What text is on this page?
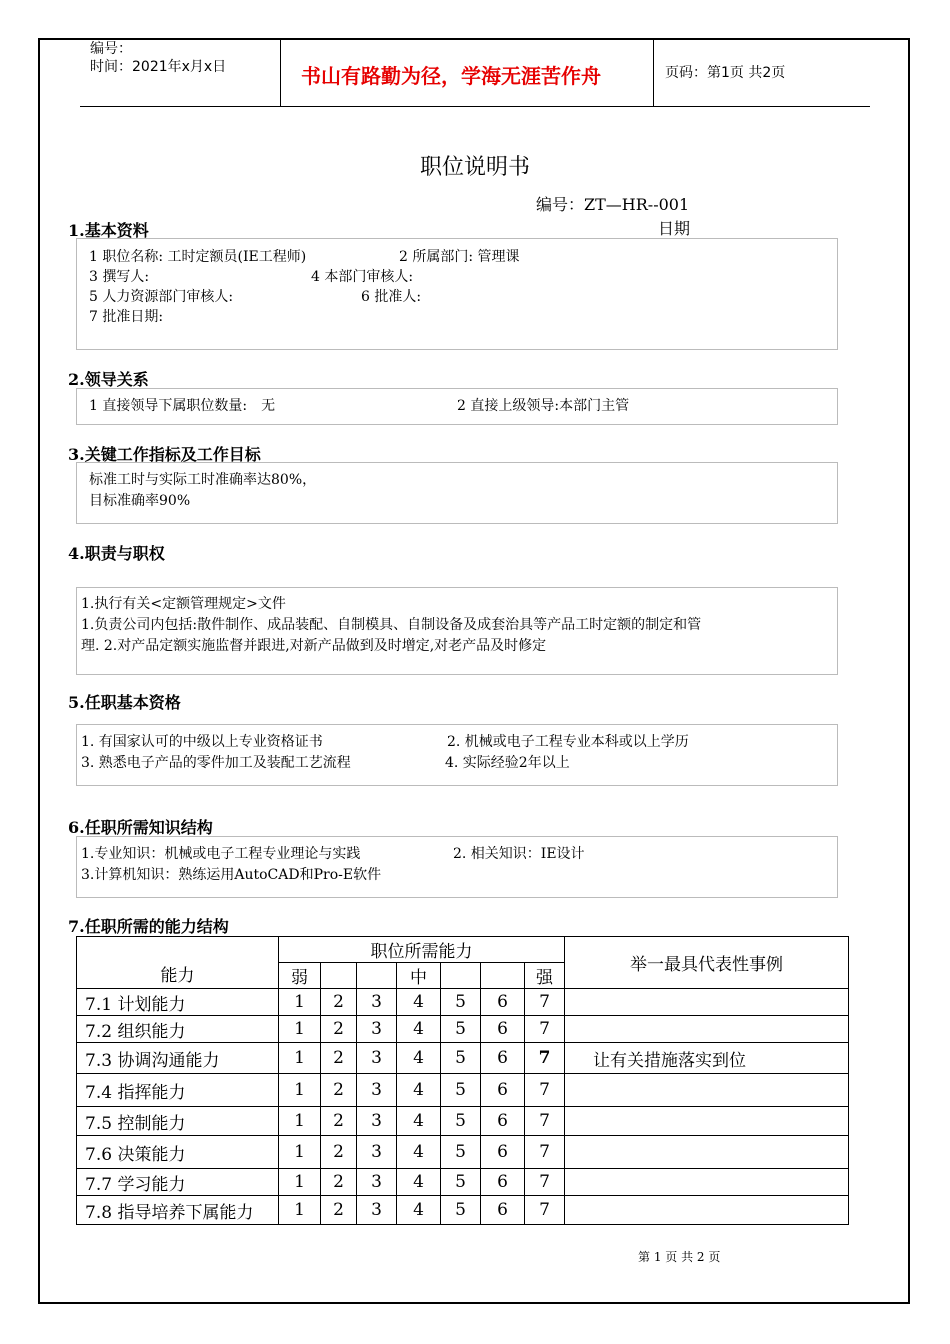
编号：
时间：2021年x月x日	书山有路勤为径，学海无涯苦作舟	页码：第1页 共2页
职位说明书
编号：ZT—HR--001
日期
1.基本资料
1 职位名称: 工时定额员(IE工程师)	2 所属部门: 管理课
3 撰写人:	4 本部门审核人:
5 人力资源部门审核人:	6 批准人:
7 批准日期:
2.领导关系
1 直接领导下属职位数量:　无	2 直接上级领导:本部门主管
3.关键工作指标及工作目标
标准工时与实际工时准确率达80%，
目标准确率90%
4.职责与职权
1.执行有关<定额管理规定>文件
1.负责公司内包括:散件制作、成品装配、自制模具、自制设备及成套治具等产品工时定额的制定和管
理. 2.对产品定额实施监督并跟进,对新产品做到及时增定,对老产品及时修定
5.任职基本资格
1. 有国家认可的中级以上专业资格证书	2. 机械或电子工程专业本科或以上学历
3. 熟悉电子产品的零件加工及装配工艺流程	4. 实际经验2年以上
6.任职所需知识结构
1.专业知识：机械或电子工程专业理论与实践	2. 相关知识：IE设计
3.计算机知识：熟练运用AutoCAD和Pro-E软件
7.任职所需的能力结构
能力	职位所需能力							举一最具代表性事例
	弱			中			强	
7.1 计划能力	1	2	3	4	5	6	7	
7.2 组织能力	1	2	3	4	5	6	7	
7.3 协调沟通能力	1	2	3	4	5	6	7	让有关措施落实到位
7.4 指挥能力	1	2	3	4	5	6	7	
7.5 控制能力	1	2	3	4	5	6	7	
7.6 决策能力	1	2	3	4	5	6	7	
7.7 学习能力	1	2	3	4	5	6	7	
7.8 指导培养下属能力	1	2	3	4	5	6	7	
第 1 页 共 2 页
